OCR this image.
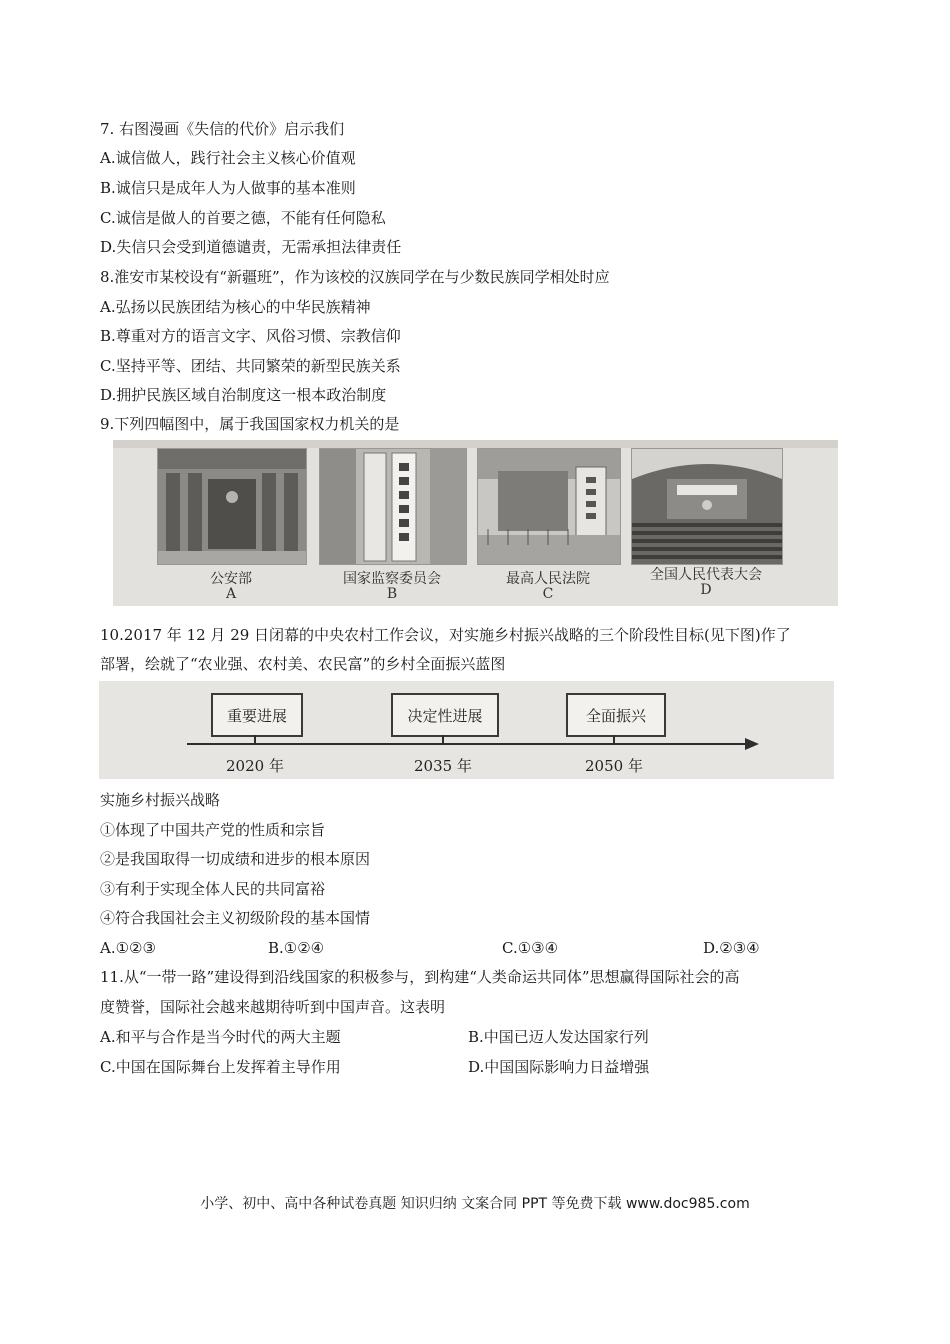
7. 右图漫画《失信的代价》启示我们
A.诚信做人，践行社会主义核心价值观
B.诚信只是成年人为人做事的基本准则
C.诚信是做人的首要之德，不能有任何隐私
D.失信只会受到道德谴责，无需承担法律责任
8.淮安市某校设有“新疆班”，作为该校的汉族同学在与少数民族同学相处时应
A.弘扬以民族团结为核心的中华民族精神
B.尊重对方的语言文字、风俗习惯、宗教信仰
C.坚持平等、团结、共同繁荣的新型民族关系
D.拥护民族区域自治制度这一根本政治制度
9.下列四幅图中，属于我国国家权力机关的是
公安部
A
国家监察委员会
B
最高人民法院
C
全国人民代表大会
D
10.2017 年 12 月 29 日闭幕的中央农村工作会议，对实施乡村振兴战略的三个阶段性目标(见下图)作了
部署，绘就了“农业强、农村美、农民富”的乡村全面振兴蓝图
重要进展	决定性进展	全面振兴
2020 年	2035 年	2050 年
实施乡村振兴战略
①体现了中国共产党的性质和宗旨
②是我国取得一切成绩和进步的根本原因
③有利于实现全体人民的共同富裕
④符合我国社会主义初级阶段的基本国情
A.①②③	B.①②④	C.①③④	D.②③④
11.从“一带一路”建设得到沿线国家的积极参与，到构建“人类命运共同体”思想赢得国际社会的高
度赞誉，国际社会越来越期待听到中国声音。这表明
A.和平与合作是当今时代的两大主题	B.中国已迈人发达国家行列
C.中国在国际舞台上发挥着主导作用	D.中国国际影响力日益增强
小学、初中、高中各种试卷真题 知识归纳 文案合同 PPT 等免费下载 www.doc985.com
